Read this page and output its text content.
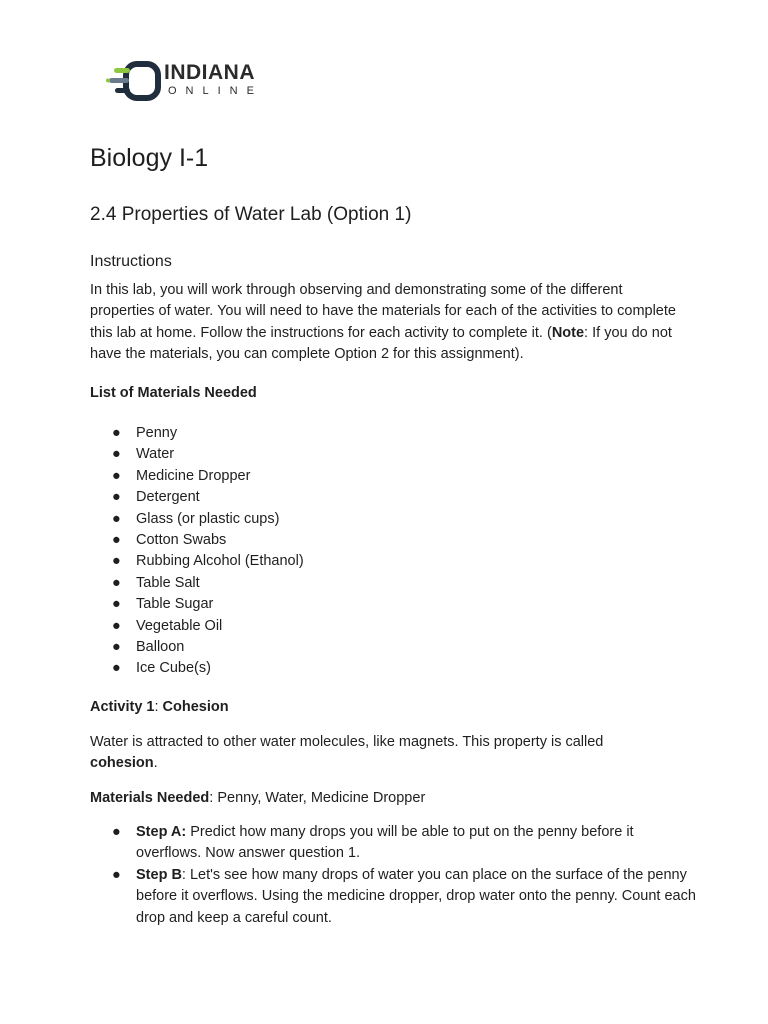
INDIANA
ONLINE
Biology I-1
2.4 Properties of Water Lab (Option 1)
Instructions

In this lab, you will work through observing and demonstrating some of the different properties of water. You will need to have the materials for each of the activities to complete this lab at home. Follow the instructions for each activity to complete it. (Note: If you do not have the materials, you can complete Option 2 for this assignment).

List of Materials Needed

● Penny
● Water
● Medicine Dropper
● Detergent
● Glass (or plastic cups)
● Cotton Swabs
● Rubbing Alcohol (Ethanol)
● Table Salt
● Table Sugar
● Vegetable Oil
● Balloon
● Ice Cube(s)

Activity 1: Cohesion

Water is attracted to other water molecules, like magnets. This property is called cohesion.

Materials Needed: Penny, Water, Medicine Dropper

● Step A: Predict how many drops you will be able to put on the penny before it overflows. Now answer question 1.
● Step B: Let's see how many drops of water you can place on the surface of the penny before it overflows. Using the medicine dropper, drop water onto the penny. Count each drop and keep a careful count.
